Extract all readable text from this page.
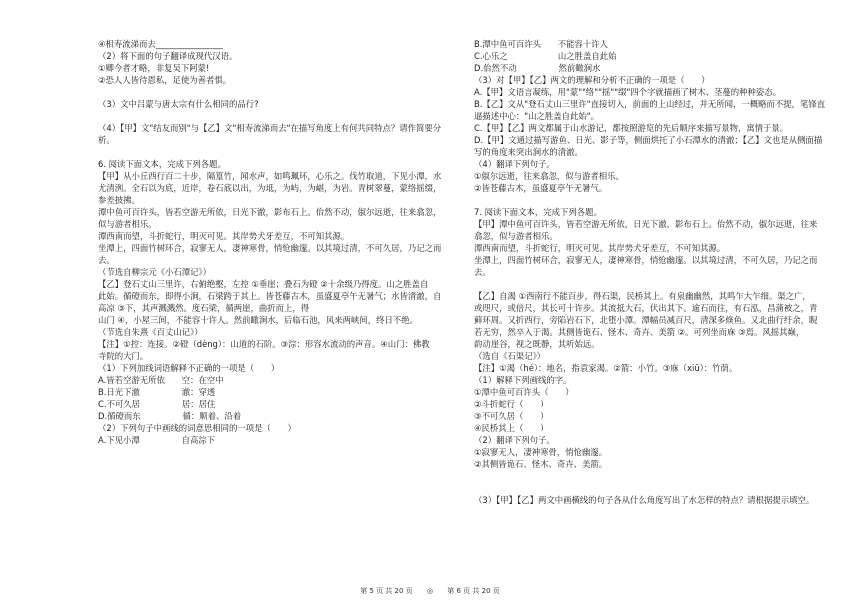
④相寿流涕而去________________
（2）将下面的句子翻译成现代汉语。
①卿今者才略，非复吴下阿蒙!
②恐人人皆待恩私，足使为善者惧。
（3）文中吕蒙与唐太宗有什么相同的品行?
（4）【甲】文"结友而别"与【乙】文"相寿流涕而去"在描写角度上有何共同特点？请作简要分
析。
6. 阅读下面文本，完成下列各题。
【甲】从小丘西行百二十步，隔篁竹，闻水声，如鸣珮环，心乐之。伐竹取道，下见小潭，水
尤清洌。全石以为底，近岸，卷石底以出，为坻，为屿，为嵁，为岩。青树翠蔓，蒙络摇缀，
参差披拂。
潭中鱼可百许头，皆若空游无所依，日光下澈，影布石上。佁然不动，俶尔远逝，往来翕忽，
似与游者相乐。
潭西南而望，斗折蛇行，明灭可见。其岸势犬牙差互，不可知其源。
坐潭上，四面竹树环合，寂寥无人，凄神寒骨，悄怆幽邃。以其境过清，不可久居，乃记之而
去。
（节选自柳宗元《小石潭记》）
【乙】登石丈山三里许，右俯绝壑，左控 ①垂崖；叠石为磴 ②十余级乃得度。山之胜盖自
此始。循磴而东，即得小涧，石梁跨于其上。皆苍藤古木，虽盛夏亭午无暑气；水皆清澈，自
高凉 ③下，其声溅溅然。度石梁，循两崖，曲折而上，得
山门 ④，小屋三间，不能容十许人。然前瞰涧水，后临石池，风来两峡间，终日不绝。
（节选自朱熹《百丈山记》）
【注】①控：连接。②磴（dèng）：山道的石阶。③淙：形容水流动的声音。④山门：佛教
寺院的大门。
（1）下列加线词语解释不正确的一项是（　　）
A.皆若空游无所依　　空：在空中
B.日光下澈　　　　　澈：穿透
C.不可久居　　　　　居：居住
D.循磴而东　　　　　循：顺着、沿着
（2）下列句子中画线的词意思相同的一项是（　　）
A.下见小潭　　　　　自高淙下
B.潭中鱼可百许头　　不能容十许人
C.心乐之　　　　　　山之胜盖自此始
D.佁然不动　　　　　然前瞰涧水
（3）对【甲】【乙】两文的理解和分析不正确的一项是（　　）
A.【甲】文语言凝练，用"蒙""络""摇""缀"四个字就描画了树木、茎蔓的种种姿态。
B.【乙】文从"登石丈山三里许"直接切入，前面的上山经过，并无所闻，一概略而不提，笔锋直
逼描述中心："山之胜盖自此始"。
C.【甲】【乙】两文都属于山水游记，都按照游览的先后顺序来描写景物，寓情于景。
D.【甲】文通过描写游鱼、日光、影子等，侧面烘托了小石潭水的清澈；【乙】文也是从侧面描
写的角度来突出涧水的清澈。
（4）翻译下列句子。
①俶尔远逝，往来翕忽，似与游者相乐。
②皆苍藤古木，虽盛夏亭午无暑气。
7. 阅读下面文本，完成下列各题。
【甲】潭中鱼可百许头，皆若空游无所依，日光下澈，影布石上。佁然不动，俶尔远逝，往来
翕忽，似与游者相乐。
潭西南而望，斗折蛇行，明灭可见。其岸势犬牙差互，不可知其源。
坐潭上，四面竹树环合，寂寥无人，凄神寒骨，悄怆幽邃。以其境过清，不可久居，乃记之而
去。
【乙】自渴 ①西南行不能百步，得石渠，民桥其上。有泉幽幽然，其鸣乍大乍细。渠之广，
或咫尺，或倍尺，其长可十许步。其流抵大石，伏出其下。逾石而往，有石泓，昌蒲被之，青
藓环周。又折西行，旁陷岩石下，北堕小潭。潭幅员减百尺，清深多倏鱼。又北曲行纡余，睨
若无穷，然卒入于渴。其侧皆诡石、怪木、奇卉、美箭 ②。可列坐而庥 ③焉。风摇其巅，
韵动崖谷，视之既静，其听始远。
（选自《石渠记》）
【注】①渴（hé）：地名，指袁家渴。②箭：小竹。③庥（xiū）：竹荫。
（1）解释下列画线的字。
①潭中鱼可百许头（　　）
②斗折蛇行（　　）
③不可久居（　　）
④民桥其上（　　）
（2）翻译下列句子。
①寂寥无人，凄神寒骨，悄怆幽邃。
②其侧皆诡石、怪木、奇卉、美箭。
（3）【甲】【乙】两文中画横线的句子各从什么角度写出了水怎样的特点？请根据提示填空。
第 5 页 共 20 页 ◎ 第 6 页 共 20 页
